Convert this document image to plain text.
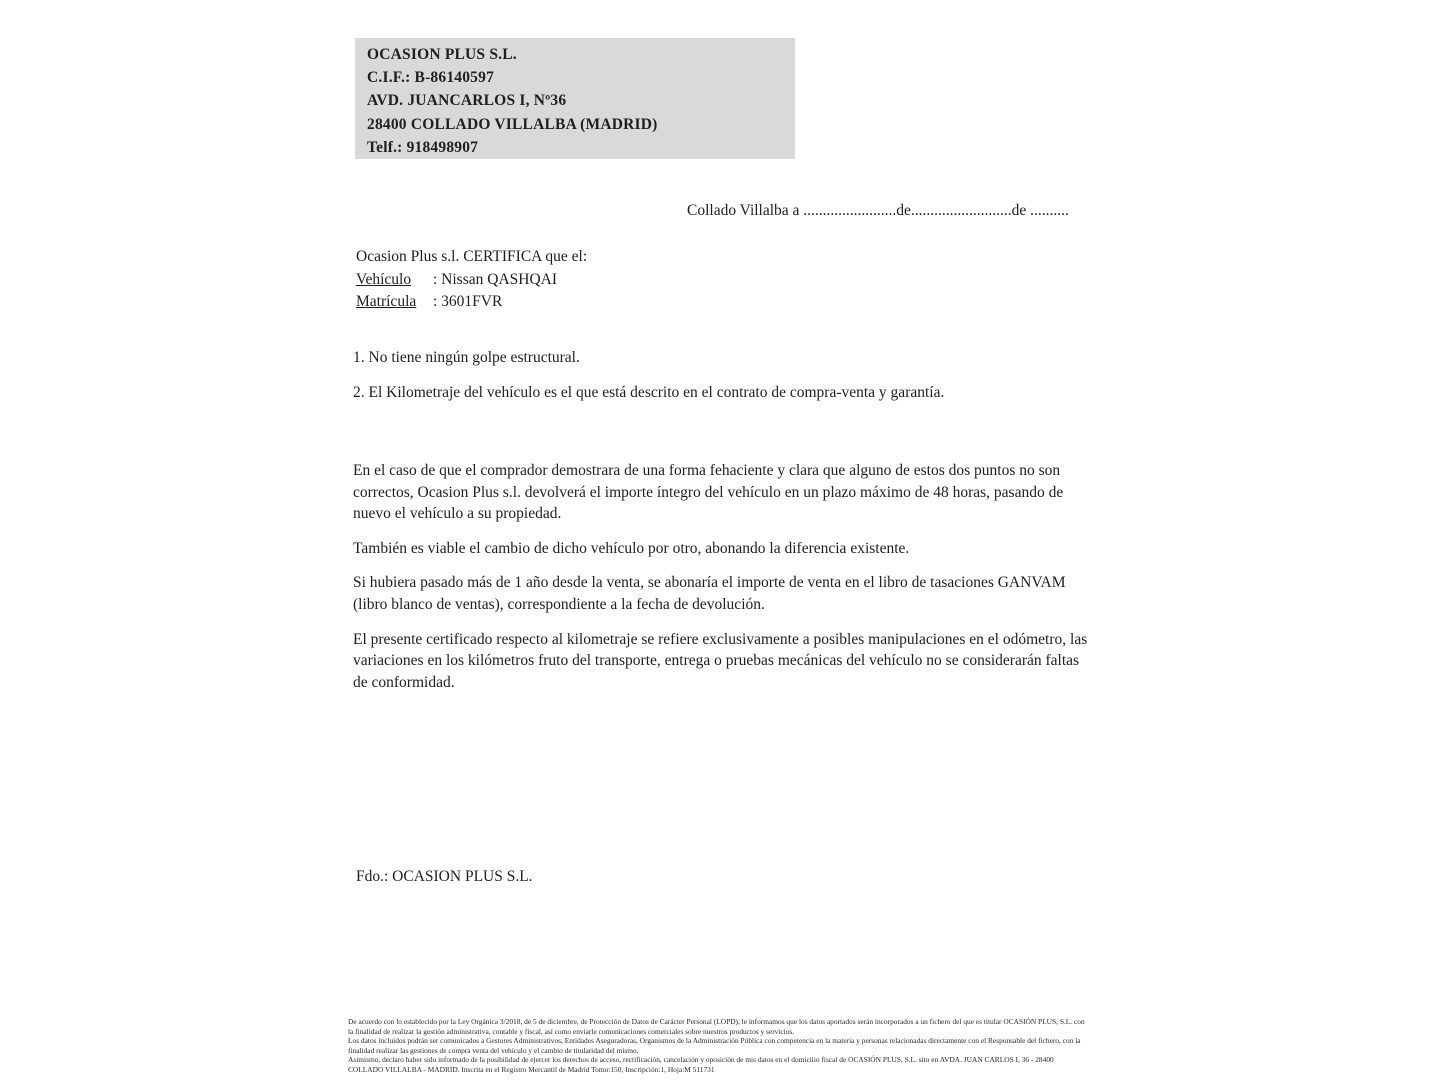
OCASION PLUS S.L.
C.I.F.: B-86140597
AVD. JUANCARLOS I, Nº36
28400 COLLADO VILLALBA (MADRID)
Telf.: 918498907
Collado Villalba a ........................de..........................de ..........
Ocasion Plus s.l. CERTIFICA que el:
Vehículo : Nissan QASHQAI
Matrícula : 3601FVR
1. No tiene ningún golpe estructural.
2. El Kilometraje del vehículo es el que está descrito en el contrato de compra-venta y garantía.

En el caso de que el comprador demostrara de una forma fehaciente y clara que alguno de estos dos puntos no son correctos, Ocasion Plus s.l. devolverá el importe íntegro del vehículo en un plazo máximo de 48 horas, pasando de nuevo el vehículo a su propiedad.

También es viable el cambio de dicho vehículo por otro, abonando la diferencia existente.

Si hubiera pasado más de 1 año desde la venta, se abonaría el importe de venta en el libro de tasaciones GANVAM (libro blanco de ventas), correspondiente a la fecha de devolución.

El presente certificado respecto al kilometraje se refiere exclusivamente a posibles manipulaciones en el odómetro, las variaciones en los kilómetros fruto del transporte, entrega o pruebas mecánicas del vehículo no se considerarán faltas de conformidad.

Fdo.: OCASION PLUS S.L.
De acuerdo con lo establecido por la Ley Orgánica 3/2018, de 5 de diciembre, de Protección de Datos de Carácter Personal (LOPD), le informamos que los datos aportados serán incorporados a un fichero del que es titular OCASIÓN PLUS, S.L. con la finalidad de realizar la gestión administrativa, contable y fiscal, así como enviarle comunicaciones comerciales sobre nuestros productos y servicios.
Los datos incluidos podrán ser comunicados a Gestores Administrativos, Entidades Aseguradoras, Organismos de la Administración Pública con competencia en la materia y personas relacionadas directamente con el Responsable del fichero, con la finalidad realizar las gestiones de compra venta del vehículo y el cambio de titularidad del mismo.
Asimismo, declaro haber sido informado de la posibilidad de ejercer los derechos de acceso, rectificación, cancelación y oposición de mis datos en el domicilio fiscal de OCASIÓN PLUS, S.L. sito en AVDA. JUAN CARLOS I, 36 - 28400 COLLADO VILLALBA - MADRID. Inscrita en el Registro Mercantil de Madrid Tomo:150, Inscripción:1, Hoja:M 511731
